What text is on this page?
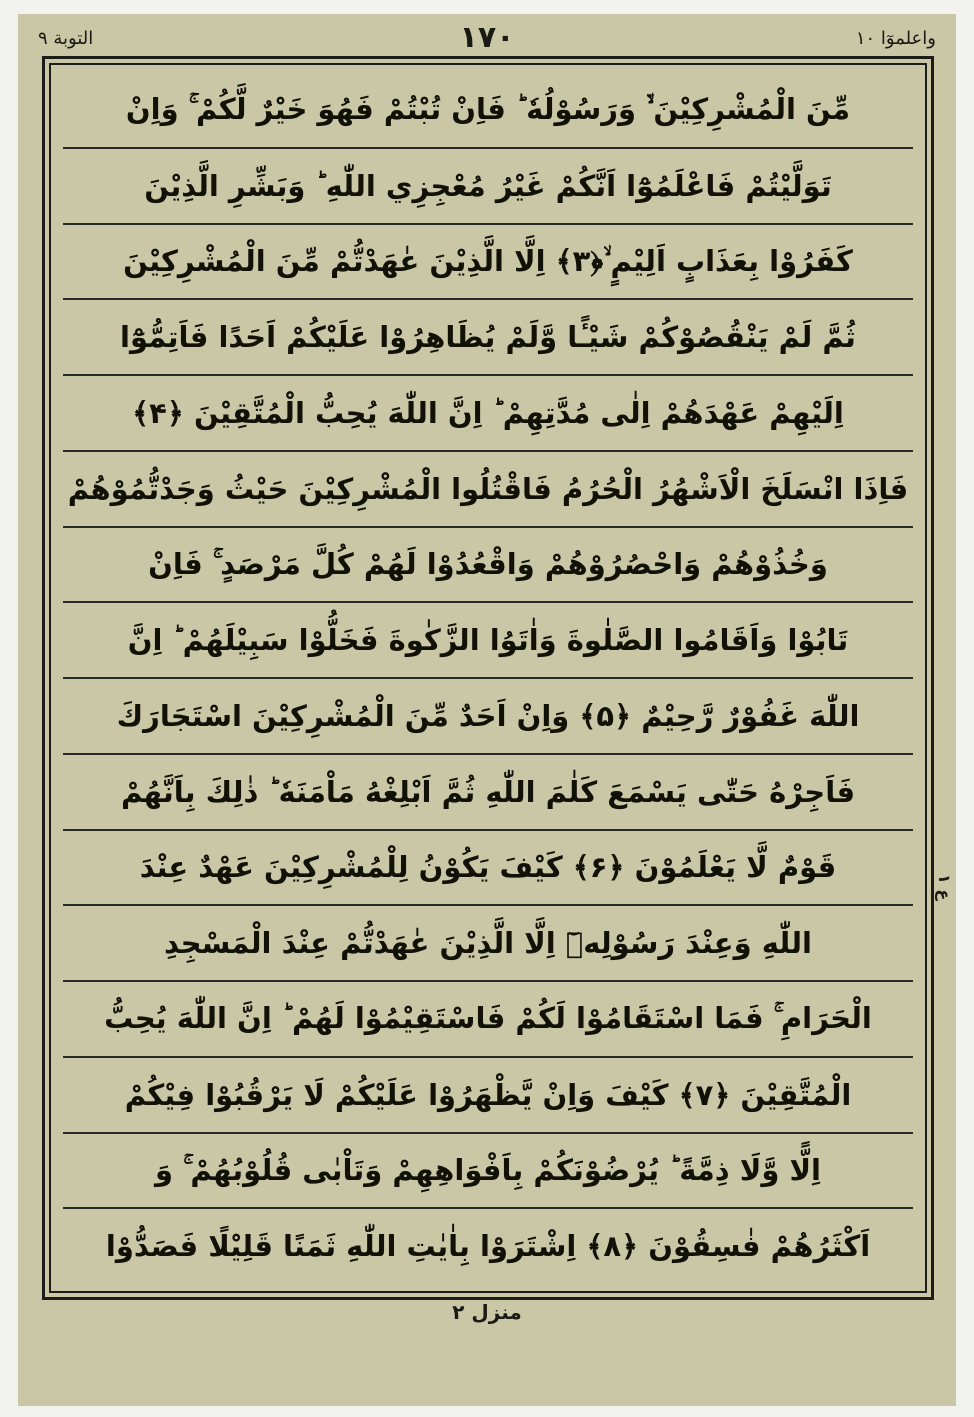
التوبة ۹	۱۷۰	واعلموٓا ۱۰
مِّنَ الْمُشْرِكِيْنَ ۙ۬ وَرَسُوْلُهٗ ؕ فَاِنْ تُبْتُمْ فَهُوَ خَيْرٌ لَّكُمْ ۚ وَاِنْ
تَوَلَّيْتُمْ فَاعْلَمُوْٓا اَنَّكُمْ غَيْرُ مُعْجِزِي اللّٰهِ ؕ وَبَشِّرِ الَّذِيْنَ
كَفَرُوْا بِعَذَابٍ اَلِيْمٍ ۙ﴿۳﴾ اِلَّا الَّذِيْنَ عٰهَدْتُّمْ مِّنَ الْمُشْرِكِيْنَ
ثُمَّ لَمْ يَنْقُصُوْكُمْ شَيْـًٔا وَّلَمْ يُظَاهِرُوْا عَلَيْكُمْ اَحَدًا فَاَتِمُّوْٓا
اِلَيْهِمْ عَهْدَهُمْ اِلٰى مُدَّتِهِمْ ؕ اِنَّ اللّٰهَ يُحِبُّ الْمُتَّقِيْنَ ﴿۴﴾
فَاِذَا انْسَلَخَ الْاَشْهُرُ الْحُرُمُ فَاقْتُلُوا الْمُشْرِكِيْنَ حَيْثُ وَجَدْتُّمُوْهُمْ
وَخُذُوْهُمْ وَاحْصُرُوْهُمْ وَاقْعُدُوْا لَهُمْ كُلَّ مَرْصَدٍ ۚ فَاِنْ
تَابُوْا وَاَقَامُوا الصَّلٰوةَ وَاٰتَوُا الزَّكٰوةَ فَخَلُّوْا سَبِيْلَهُمْ ؕ اِنَّ
اللّٰهَ غَفُوْرٌ رَّحِيْمٌ ﴿۵﴾ وَاِنْ اَحَدٌ مِّنَ الْمُشْرِكِيْنَ اسْتَجَارَكَ
فَاَجِرْهُ حَتّٰى يَسْمَعَ كَلٰمَ اللّٰهِ ثُمَّ اَبْلِغْهُ مَاْمَنَهٗ ؕ ذٰلِكَ بِاَنَّهُمْ
قَوْمٌ لَّا يَعْلَمُوْنَ ﴿۶﴾ كَيْفَ يَكُوْنُ لِلْمُشْرِكِيْنَ عَهْدٌ عِنْدَ
اللّٰهِ وَعِنْدَ رَسُوْلِهٖٓ اِلَّا الَّذِيْنَ عٰهَدْتُّمْ عِنْدَ الْمَسْجِدِ
الْحَرَامِ ۚ فَمَا اسْتَقَامُوْا لَكُمْ فَاسْتَقِيْمُوْا لَهُمْ ؕ اِنَّ اللّٰهَ يُحِبُّ
الْمُتَّقِيْنَ ﴿۷﴾ كَيْفَ وَاِنْ يَّظْهَرُوْا عَلَيْكُمْ لَا يَرْقُبُوْا فِيْكُمْ
اِلًّا وَّلَا ذِمَّةً ؕ يُرْضُوْنَكُمْ بِاَفْوَاهِهِمْ وَتَاْبٰى قُلُوْبُهُمْ ۚ وَ
اَكْثَرُهُمْ فٰسِقُوْنَ ﴿۸﴾ اِشْتَرَوْا بِاٰيٰتِ اللّٰهِ ثَمَنًا قَلِيْلًا فَصَدُّوْا
ع ۱
منزل ۲
